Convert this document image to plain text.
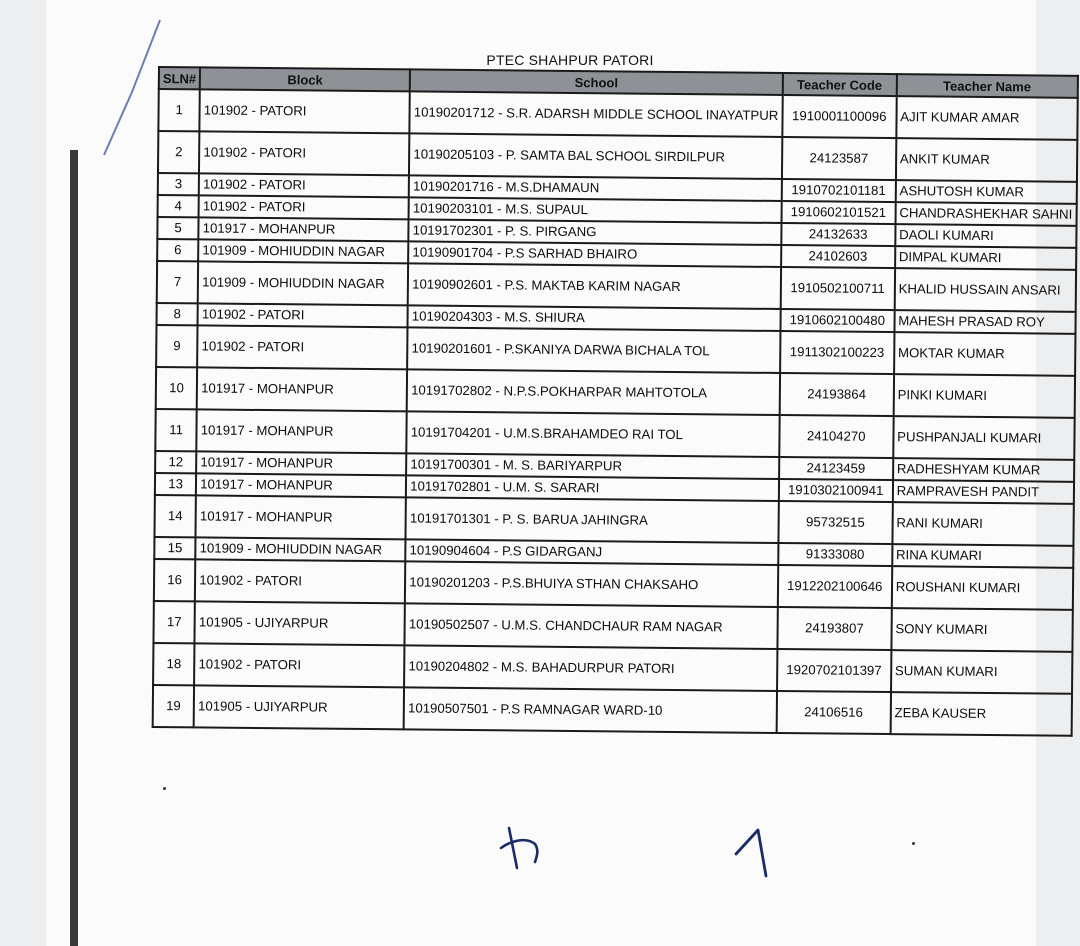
PTEC SHAHPUR PATORI
SLN#	Block	School	Teacher Code	Teacher Name
1	101902 - PATORI	10190201712 - S.R. ADARSH MIDDLE SCHOOL INAYATPUR	1910001100096	AJIT KUMAR AMAR
2	101902 - PATORI	10190205103 - P. SAMTA BAL SCHOOL SIRDILPUR	24123587	ANKIT KUMAR
3	101902 - PATORI	10190201716 - M.S.DHAMAUN	1910702101181	ASHUTOSH KUMAR
4	101902 - PATORI	10190203101 - M.S. SUPAUL	1910602101521	CHANDRASHEKHAR SAHNI
5	101917 - MOHANPUR	10191702301 - P. S. PIRGANG	24132633	DAOLI KUMARI
6	101909 - MOHIUDDIN NAGAR	10190901704 - P.S SARHAD BHAIRO	24102603	DIMPAL KUMARI
7	101909 - MOHIUDDIN NAGAR	10190902601 - P.S. MAKTAB KARIM NAGAR	1910502100711	KHALID HUSSAIN ANSARI
8	101902 - PATORI	10190204303 - M.S. SHIURA	1910602100480	MAHESH PRASAD ROY
9	101902 - PATORI	10190201601 - P.SKANIYA DARWA BICHALA TOL	1911302100223	MOKTAR KUMAR
10	101917 - MOHANPUR	10191702802 - N.P.S.POKHARPAR MAHTOTOLA	24193864	PINKI KUMARI
11	101917 - MOHANPUR	10191704201 - U.M.S.BRAHAMDEO RAI TOL	24104270	PUSHPANJALI KUMARI
12	101917 - MOHANPUR	10191700301 - M. S. BARIYARPUR	24123459	RADHESHYAM KUMAR
13	101917 - MOHANPUR	10191702801 - U.M. S. SARARI	1910302100941	RAMPRAVESH PANDIT
14	101917 - MOHANPUR	10191701301 - P. S. BARUA JAHINGRA	95732515	RANI KUMARI
15	101909 - MOHIUDDIN NAGAR	10190904604 - P.S GIDARGANJ	91333080	RINA KUMARI
16	101902 - PATORI	10190201203 - P.S.BHUIYA STHAN CHAKSAHO	1912202100646	ROUSHANI KUMARI
17	101905 - UJIYARPUR	10190502507 - U.M.S. CHANDCHAUR RAM NAGAR	24193807	SONY KUMARI
18	101902 - PATORI	10190204802 - M.S. BAHADURPUR PATORI	1920702101397	SUMAN KUMARI
19	101905 - UJIYARPUR	10190507501 - P.S RAMNAGAR WARD-10	24106516	ZEBA KAUSER
